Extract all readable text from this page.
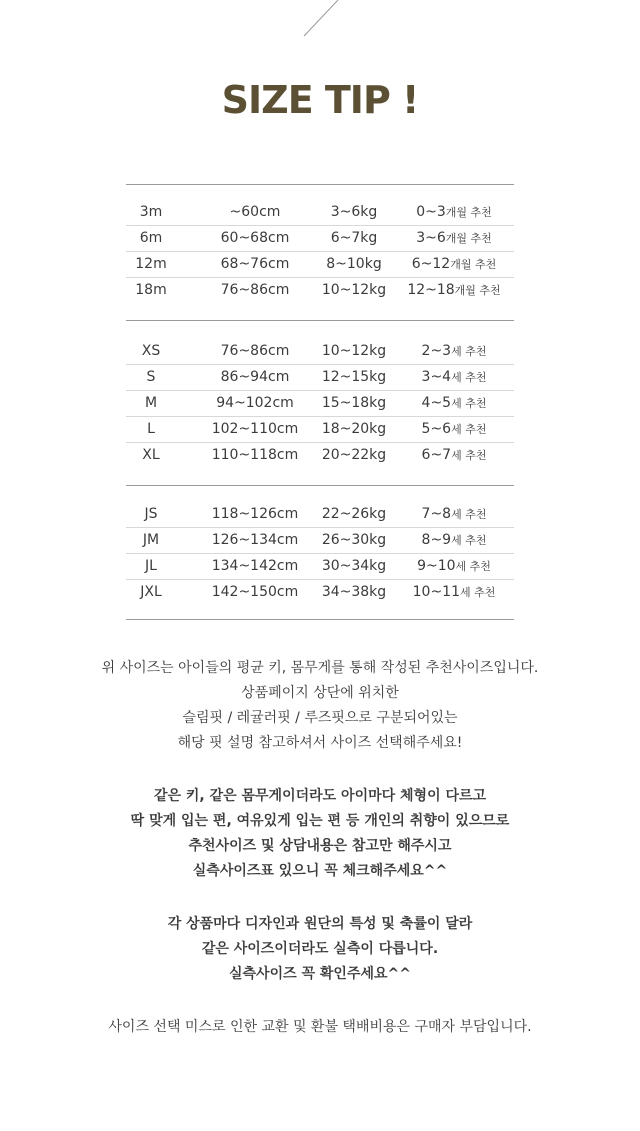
SIZE TIP !
3m	~60cm	3~6kg	0~3개월 추천
6m	60~68cm	6~7kg	3~6개월 추천
12m	68~76cm	8~10kg	6~12개월 추천
18m	76~86cm	10~12kg	12~18개월 추천
XS	76~86cm	10~12kg	2~3세 추천
S	86~94cm	12~15kg	3~4세 추천
M	94~102cm	15~18kg	4~5세 추천
L	102~110cm	18~20kg	5~6세 추천
XL	110~118cm	20~22kg	6~7세 추천
JS	118~126cm	22~26kg	7~8세 추천
JM	126~134cm	26~30kg	8~9세 추천
JL	134~142cm	30~34kg	9~10세 추천
JXL	142~150cm	34~38kg	10~11세 추천
위 사이즈는 아이들의 평균 키, 몸무게를 통해 작성된 추천사이즈입니다.
상품페이지 상단에 위치한
슬림핏 / 레귤러핏 / 루즈핏으로 구분되어있는
해당 핏 설명 참고하셔서 사이즈 선택해주세요!
같은 키, 같은 몸무게이더라도 아이마다 체형이 다르고
딱 맞게 입는 편, 여유있게 입는 편 등 개인의 취향이 있으므로
추천사이즈 및 상담내용은 참고만 해주시고
실측사이즈표 있으니 꼭 체크해주세요^^
각 상품마다 디자인과 원단의 특성 및 축률이 달라
같은 사이즈이더라도 실측이 다릅니다.
실측사이즈 꼭 확인주세요^^
사이즈 선택 미스로 인한 교환 및 환불 택배비용은 구매자 부담입니다.
